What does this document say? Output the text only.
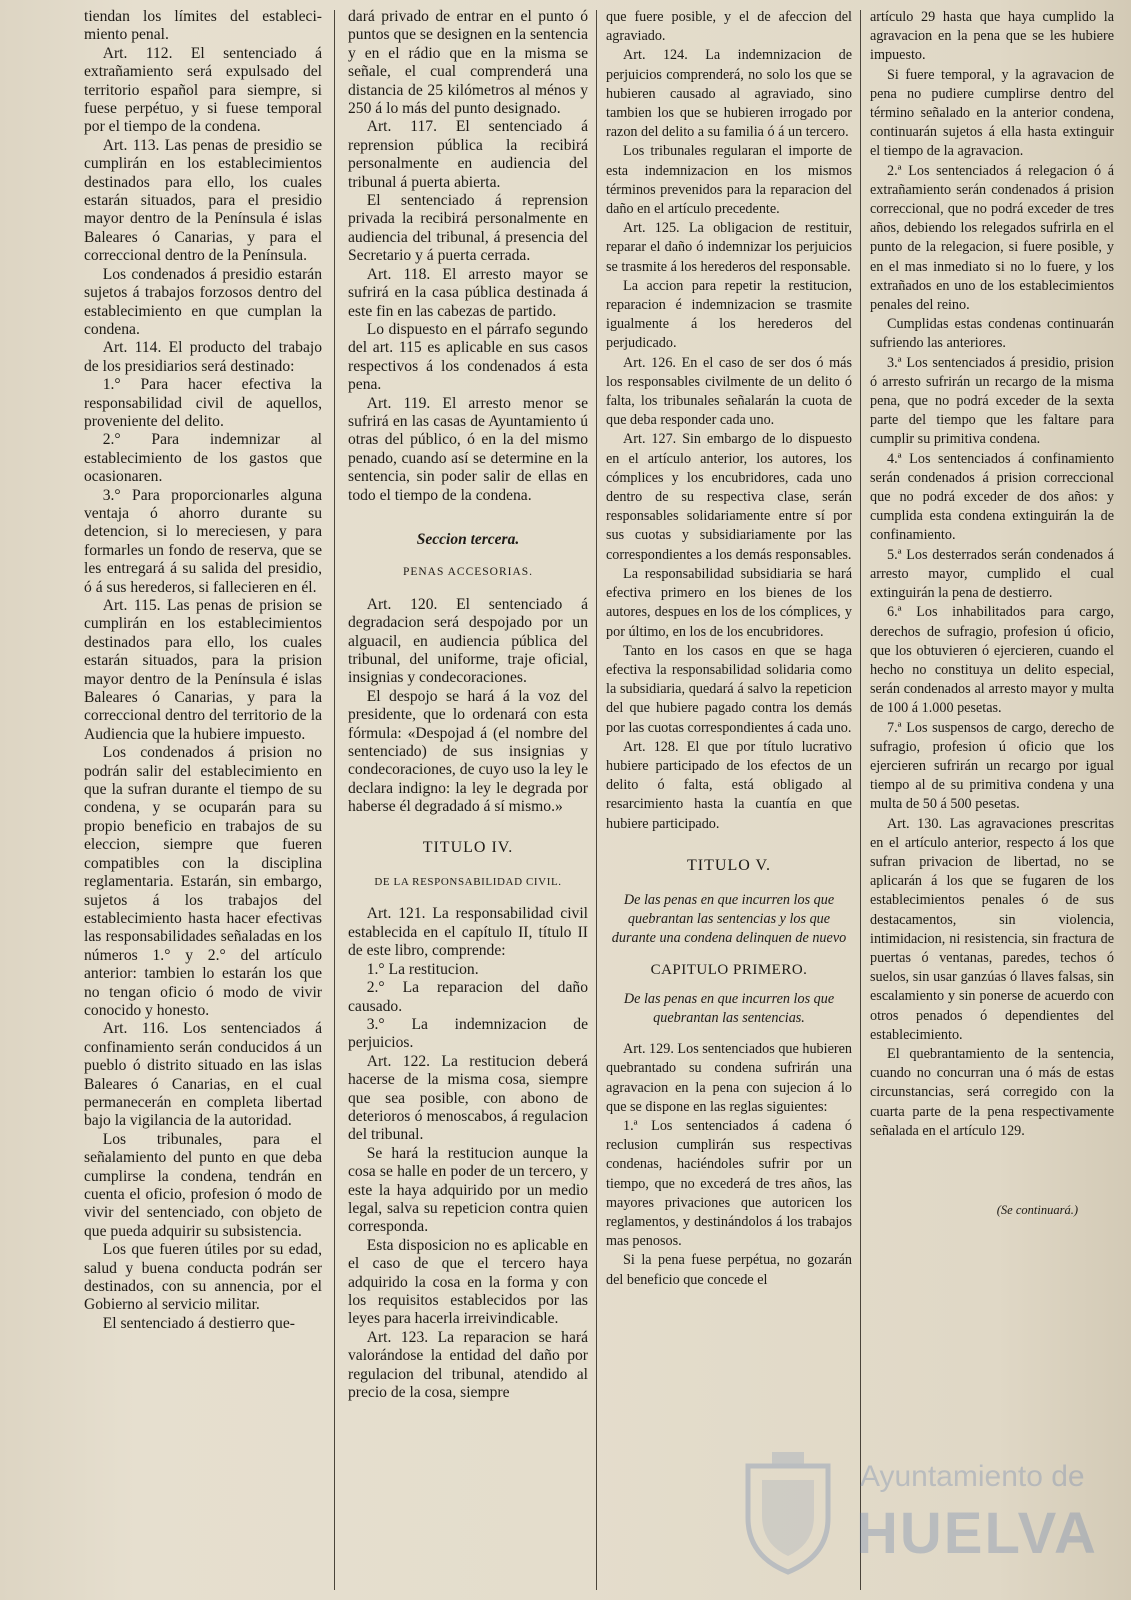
tiendan los límites del estableci-miento penal.

Art. 112. El sentenciado á extrañamiento será expulsado del territorio español para siempre, si fuese perpétuo, y si fuese temporal por el tiempo de la condena.

Art. 113. Las penas de presidio se cumplirán en los establecimientos destinados para ello, los cuales estarán situados, para el presidio mayor dentro de la Península é islas Baleares ó Canarias, y para el correccional dentro de la Península.

Los condenados á presidio estarán sujetos á trabajos forzosos dentro del establecimiento en que cumplan la condena.

Art. 114. El producto del trabajo de los presidiarios será destinado:

1.° Para hacer efectiva la responsabilidad civil de aquellos, proveniente del delito.

2.° Para indemnizar al establecimiento de los gastos que ocasionaren.

3.° Para proporcionarles alguna ventaja ó ahorro durante su detencion, si lo mereciesen, y para formarles un fondo de reserva, que se les entregará á su salida del presidio, ó á sus herederos, si fallecieren en él.

Art. 115. Las penas de prision se cumplirán en los establecimientos destinados para ello, los cuales estarán situados, para la prision mayor dentro de la Península é islas Baleares ó Canarias, y para la correccional dentro del territorio de la Audiencia que la hubiere impuesto.

Los condenados á prision no podrán salir del establecimiento en que la sufran durante el tiempo de su condena, y se ocuparán para su propio beneficio en trabajos de su eleccion, siempre que fueren compatibles con la disciplina reglamentaria. Estarán, sin embargo, sujetos á los trabajos del establecimiento hasta hacer efectivas las responsabilidades señaladas en los números 1.° y 2.° del artículo anterior: tambien lo estarán los que no tengan oficio ó modo de vivir conocido y honesto.

Art. 116. Los sentenciados á confinamiento serán conducidos á un pueblo ó distrito situado en las islas Baleares ó Canarias, en el cual permanecerán en completa libertad bajo la vigilancia de la autoridad.

Los tribunales, para el señalamiento del punto en que deba cumplirse la condena, tendrán en cuenta el oficio, profesion ó modo de vivir del sentenciado, con objeto de que pueda adquirir su subsistencia.

Los que fueren útiles por su edad, salud y buena conducta podrán ser destinados, con su annencia, por el Gobierno al servicio militar.

El sentenciado á destierro que-

dará privado de entrar en el punto ó puntos que se designen en la sentencia y en el rádio que en la misma se señale, el cual comprenderá una distancia de 25 kilómetros al ménos y 250 á lo más del punto designado.

Art. 117. El sentenciado á reprension pública la recibirá personalmente en audiencia del tribunal á puerta abierta.

El sentenciado á reprension privada la recibirá personalmente en audiencia del tribunal, á presencia del Secretario y á puerta cerrada.

Art. 118. El arresto mayor se sufrirá en la casa pública destinada á este fin en las cabezas de partido.

Lo dispuesto en el párrafo segundo del art. 115 es aplicable en sus casos respectivos á los condenados á esta pena.

Art. 119. El arresto menor se sufrirá en las casas de Ayuntamiento ú otras del público, ó en la del mismo penado, cuando así se determine en la sentencia, sin poder salir de ellas en todo el tiempo de la condena.

Seccion tercera.

PENAS ACCESORIAS.

Art. 120. El sentenciado á degradacion será despojado por un alguacil, en audiencia pública del tribunal, del uniforme, traje oficial, insignias y condecoraciones.

El despojo se hará á la voz del presidente, que lo ordenará con esta fórmula: «Despojad á (el nombre del sentenciado) de sus insignias y condecoraciones, de cuyo uso la ley le declara indigno: la ley le degrada por haberse él degradado á sí mismo.»

TITULO IV.

DE LA RESPONSABILIDAD CIVIL.

Art. 121. La responsabilidad civil establecida en el capítulo II, título II de este libro, comprende:

1.° La restitucion.

2.° La reparacion del daño causado.

3.° La indemnizacion de perjuicios.

Art. 122. La restitucion deberá hacerse de la misma cosa, siempre que sea posible, con abono de deterioros ó menoscabos, á regulacion del tribunal.

Se hará la restitucion aunque la cosa se halle en poder de un tercero, y este la haya adquirido por un medio legal, salva su repeticion contra quien corresponda.

Esta disposicion no es aplicable en el caso de que el tercero haya adquirido la cosa en la forma y con los requisitos establecidos por las leyes para hacerla irreivindicable.

Art. 123. La reparacion se hará valorándose la entidad del daño por regulacion del tribunal, atendido al precio de la cosa, siempre

que fuere posible, y el de afeccion del agraviado.

Art. 124. La indemnizacion de perjuicios comprenderá, no solo los que se hubieren causado al agraviado, sino tambien los que se hubieren irrogado por razon del delito a su familia ó á un tercero.

Los tribunales regularan el importe de esta indemnizacion en los mismos términos prevenidos para la reparacion del daño en el artículo precedente.

Art. 125. La obligacion de restituir, reparar el daño ó indemnizar los perjuicios se trasmite á los herederos del responsable.

La accion para repetir la restitucion, reparacion é indemnizacion se trasmite igualmente á los herederos del perjudicado.

Art. 126. En el caso de ser dos ó más los responsables civilmente de un delito ó falta, los tribunales señalarán la cuota de que deba responder cada uno.

Art. 127. Sin embargo de lo dispuesto en el artículo anterior, los autores, los cómplices y los encubridores, cada uno dentro de su respectiva clase, serán responsables solidariamente entre sí por sus cuotas y subsidiariamente por las correspondientes a los demás responsables.

La responsabilidad subsidiaria se hará efectiva primero en los bienes de los autores, despues en los de los cómplices, y por último, en los de los encubridores.

Tanto en los casos en que se haga efectiva la responsabilidad solidaria como la subsidiaria, quedará á salvo la repeticion del que hubiere pagado contra los demás por las cuotas correspondientes á cada uno.

Art. 128. El que por título lucrativo hubiere participado de los efectos de un delito ó falta, está obligado al resarcimiento hasta la cuantía en que hubiere participado.

TITULO V.

De las penas en que incurren los que quebrantan las sentencias y los que durante una condena delinquen de nuevo

CAPITULO PRIMERO.

De las penas en que incurren los que quebrantan las sentencias.

Art. 129. Los sentenciados que hubieren quebrantado su condena sufrirán una agravacion en la pena con sujecion á lo que se dispone en las reglas siguientes:

1.ª Los sentenciados á cadena ó reclusion cumplirán sus respectivas condenas, haciéndoles sufrir por un tiempo, que no excederá de tres años, las mayores privaciones que autoricen los reglamentos, y destinándolos á los trabajos mas penosos.

Si la pena fuese perpétua, no gozarán del beneficio que concede el

artículo 29 hasta que haya cumplido la agravacion en la pena que se les hubiere impuesto.

Si fuere temporal, y la agravacion de pena no pudiere cumplirse dentro del término señalado en la anterior condena, continuarán sujetos á ella hasta extinguir el tiempo de la agravacion.

2.ª Los sentenciados á relegacion ó á extrañamiento serán condenados á prision correccional, que no podrá exceder de tres años, debiendo los relegados sufrirla en el punto de la relegacion, si fuere posible, y en el mas inmediato si no lo fuere, y los extrañados en uno de los establecimientos penales del reino.

Cumplidas estas condenas continuarán sufriendo las anteriores.

3.ª Los sentenciados á presidio, prision ó arresto sufrirán un recargo de la misma pena, que no podrá exceder de la sexta parte del tiempo que les faltare para cumplir su primitiva condena.

4.ª Los sentenciados á confinamiento serán condenados á prision correccional que no podrá exceder de dos años: y cumplida esta condena extinguirán la de confinamiento.

5.ª Los desterrados serán condenados á arresto mayor, cumplido el cual extinguirán la pena de destierro.

6.ª Los inhabilitados para cargo, derechos de sufragio, profesion ú oficio, que los obtuvieren ó ejercieren, cuando el hecho no constituya un delito especial, serán condenados al arresto mayor y multa de 100 á 1.000 pesetas.

7.ª Los suspensos de cargo, derecho de sufragio, profesion ú oficio que los ejercieren sufrirán un recargo por igual tiempo al de su primitiva condena y una multa de 50 á 500 pesetas.

Art. 130. Las agravaciones prescritas en el artículo anterior, respecto á los que sufran privacion de libertad, no se aplicarán á los que se fugaren de los establecimientos penales ó de sus destacamentos, sin violencia, intimidacion, ni resistencia, sin fractura de puertas ó ventanas, paredes, techos ó suelos, sin usar ganzúas ó llaves falsas, sin escalamiento y sin ponerse de acuerdo con otros penados ó dependientes del establecimiento.

El quebrantamiento de la sentencia, cuando no concurran una ó más de estas circunstancias, será corregido con la cuarta parte de la pena respectivamente señalada en el artículo 129.

(Se continuará.)

Ayuntamiento de
HUELVA
